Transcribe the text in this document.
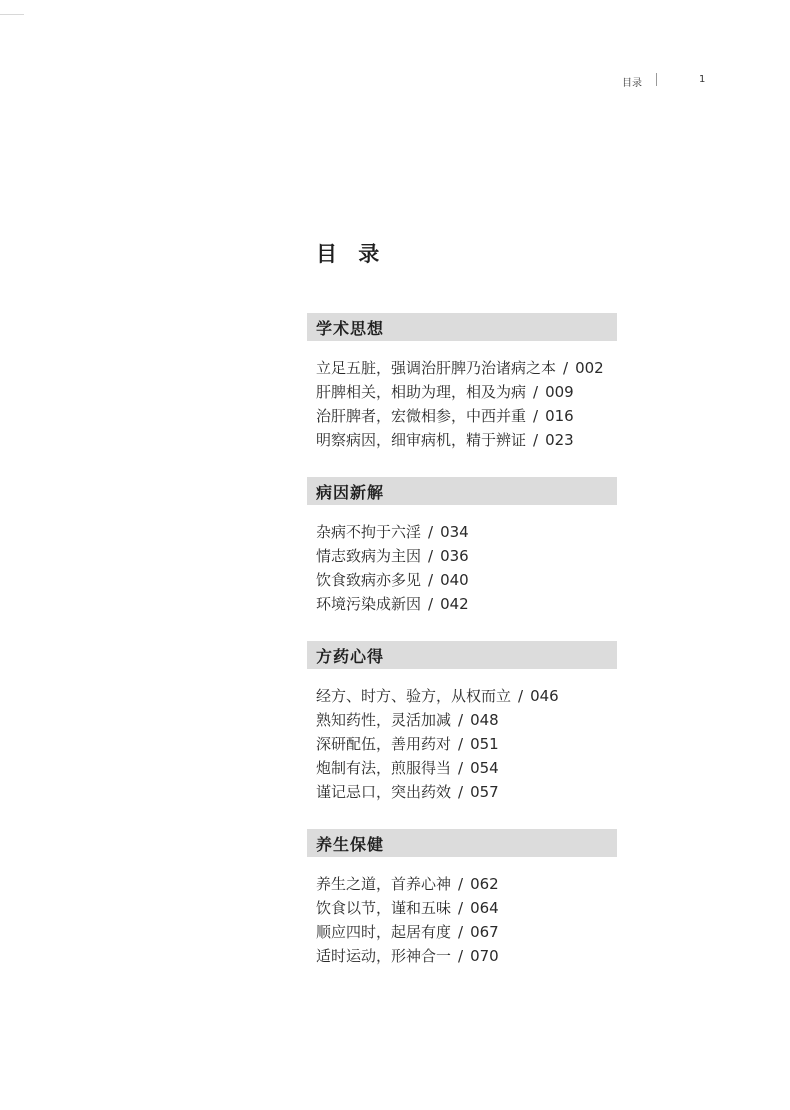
目录	1
目 录
学术思想
立足五脏，强调治肝脾乃治诸病之本 / 002
肝脾相关，相助为理，相及为病 / 009
治肝脾者，宏微相参，中西并重 / 016
明察病因，细审病机，精于辨证 / 023
病因新解
杂病不拘于六淫 / 034
情志致病为主因 / 036
饮食致病亦多见 / 040
环境污染成新因 / 042
方药心得
经方、时方、验方，从权而立 / 046
熟知药性，灵活加减 / 048
深研配伍，善用药对 / 051
炮制有法，煎服得当 / 054
谨记忌口，突出药效 / 057
养生保健
养生之道，首养心神 / 062
饮食以节，谨和五味 / 064
顺应四时，起居有度 / 067
适时运动，形神合一 / 070
